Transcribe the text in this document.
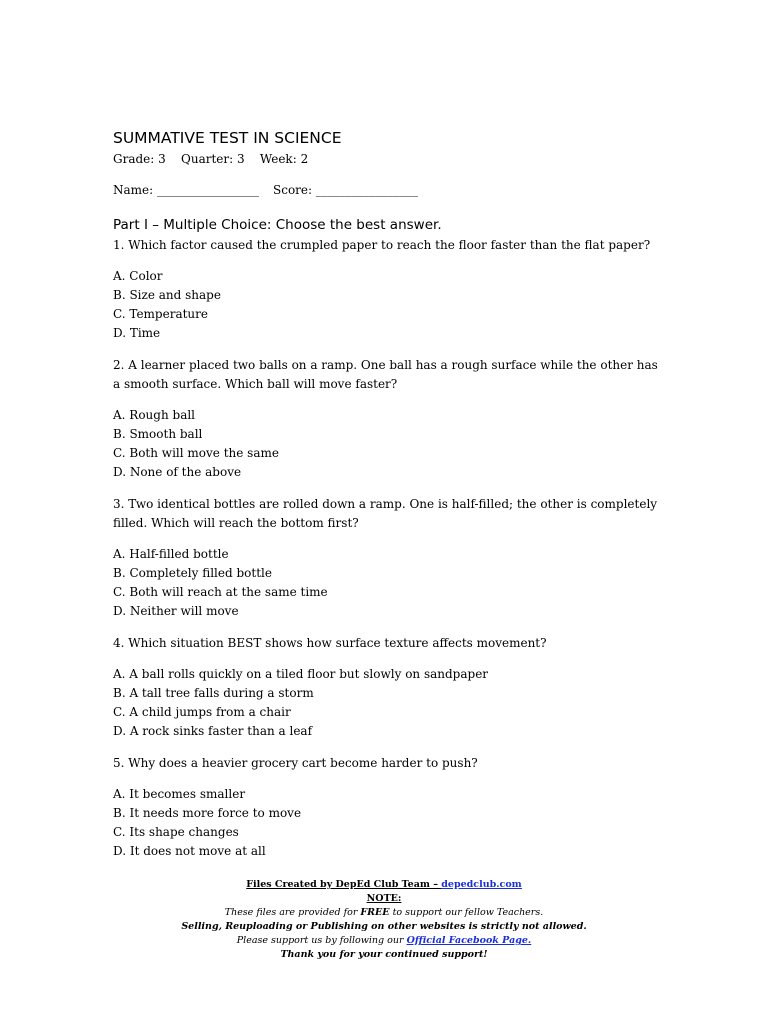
SUMMATIVE TEST IN SCIENCE
Grade: 3    Quarter: 3    Week: 2
Name: _________________ Score: _________________
Part I – Multiple Choice: Choose the best answer.
1. Which factor caused the crumpled paper to reach the floor faster than the flat paper?
A. Color
B. Size and shape
C. Temperature
D. Time
2. A learner placed two balls on a ramp. One ball has a rough surface while the other has a smooth surface. Which ball will move faster?
A. Rough ball
B. Smooth ball
C. Both will move the same
D. None of the above
3. Two identical bottles are rolled down a ramp. One is half-filled; the other is completely filled. Which will reach the bottom first?
A. Half-filled bottle
B. Completely filled bottle
C. Both will reach at the same time
D. Neither will move
4. Which situation BEST shows how surface texture affects movement?
A. A ball rolls quickly on a tiled floor but slowly on sandpaper
B. A tall tree falls during a storm
C. A child jumps from a chair
D. A rock sinks faster than a leaf
5. Why does a heavier grocery cart become harder to push?
A. It becomes smaller
B. It needs more force to move
C. Its shape changes
D. It does not move at all
Files Created by DepEd Club Team – depedclub.com
NOTE:
These files are provided for FREE to support our fellow Teachers.
Selling, Reuploading or Publishing on other websites is strictly not allowed.
Please support us by following our Official Facebook Page.
Thank you for your continued support!
